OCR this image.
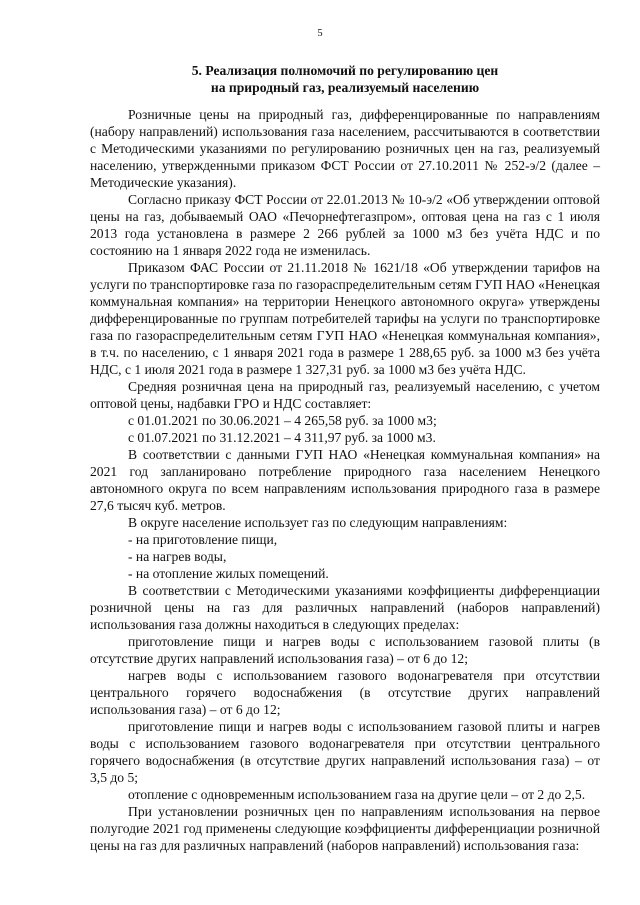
5
5. Реализация полномочий по регулированию цен
на природный газ, реализуемый населению

Розничные цены на природный газ, дифференцированные по направлениям (набору направлений) использования газа населением, рассчитываются в соответствии с Методическими указаниями по регулированию розничных цен на газ, реализуемый населению, утвержденными приказом ФСТ России от 27.10.2011 № 252-э/2 (далее – Методические указания).

Согласно приказу ФСТ России от 22.01.2013 № 10-э/2 «Об утверждении оптовой цены на газ, добываемый ОАО «Печорнефтегазпром», оптовая цена на газ с 1 июля 2013 года установлена в размере 2 266 рублей за 1000 м3 без учёта НДС и по состоянию на 1 января 2022 года не изменилась.

Приказом ФАС России от 21.11.2018 № 1621/18 «Об утверждении тарифов на услуги по транспортировке газа по газораспределительным сетям ГУП НАО «Ненецкая коммунальная компания» на территории Ненецкого автономного округа» утверждены дифференцированные по группам потребителей тарифы на услуги по транспортировке газа по газораспределительным сетям ГУП НАО «Ненецкая коммунальная компания», в т.ч. по населению, с 1 января 2021 года в размере 1 288,65 руб. за 1000 м3 без учёта НДС, с 1 июля 2021 года в размере 1 327,31 руб. за 1000 м3 без учёта НДС.

Средняя розничная цена на природный газ, реализуемый населению, с учетом оптовой цены, надбавки ГРО и НДС составляет:

с 01.01.2021 по 30.06.2021 – 4 265,58 руб. за 1000 м3;

с 01.07.2021 по 31.12.2021 – 4 311,97 руб. за 1000 м3.

В соответствии с данными ГУП НАО «Ненецкая коммунальная компания» на 2021 год запланировано потребление природного газа населением Ненецкого автономного округа по всем направлениям использования природного газа в размере 27,6 тысяч куб. метров.

В округе население использует газ по следующим направлениям:

- на приготовление пищи,

- на нагрев воды,

- на отопление жилых помещений.

В соответствии с Методическими указаниями коэффициенты дифференциации розничной цены на газ для различных направлений (наборов направлений) использования газа должны находиться в следующих пределах:

приготовление пищи и нагрев воды с использованием газовой плиты (в отсутствие других направлений использования газа) – от 6 до 12;

нагрев воды с использованием газового водонагревателя при отсутствии центрального горячего водоснабжения (в отсутствие других направлений использования газа) – от 6 до 12;

приготовление пищи и нагрев воды с использованием газовой плиты и нагрев воды с использованием газового водонагревателя при отсутствии центрального горячего водоснабжения (в отсутствие других направлений использования газа) – от 3,5 до 5;

отопление с одновременным использованием газа на другие цели – от 2 до 2,5.

При установлении розничных цен по направлениям использования на первое полугодие 2021 год применены следующие коэффициенты дифференциации розничной цены на газ для различных направлений (наборов направлений) использования газа:
